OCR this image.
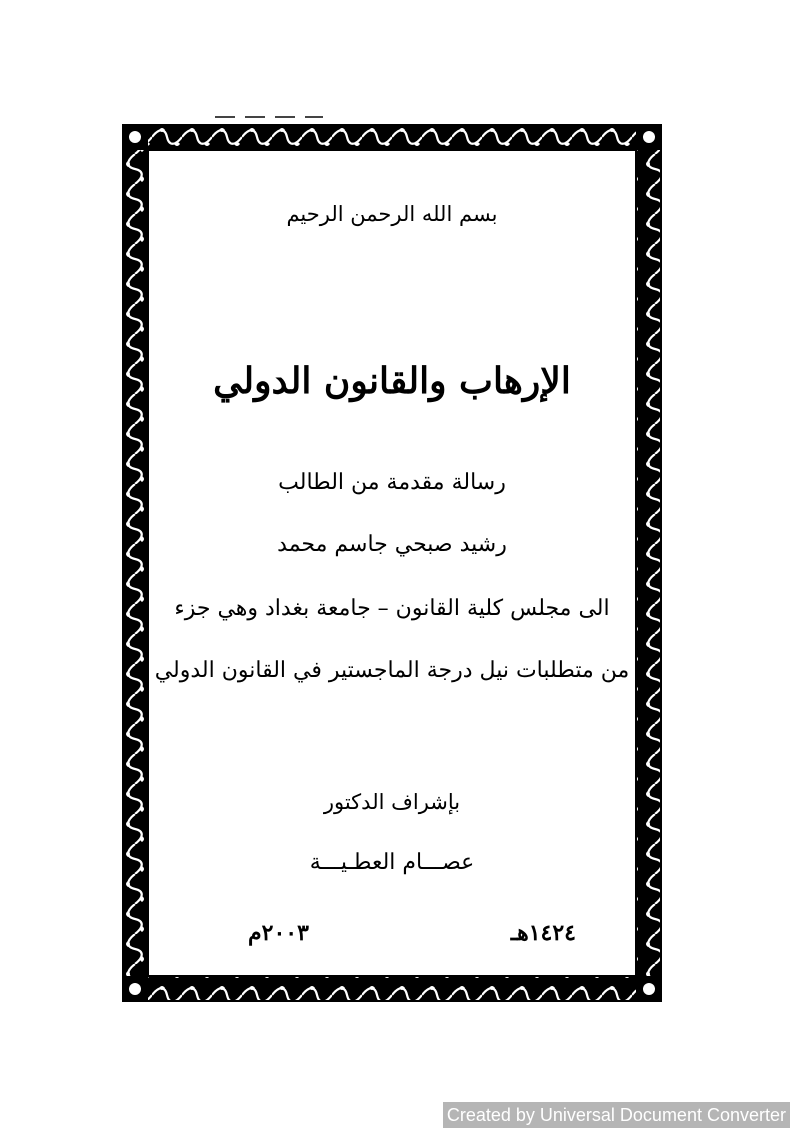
بسم الله الرحمن الرحيم
الإرهاب والقانون الدولي
رسالة مقدمة من الطالب
رشيد صبحي جاسم محمد
الى مجلس كلية القانون – جامعة بغداد وهي جزء
من متطلبات نيل درجة الماجستير في القانون الدولي
بإشراف الدكتور
عصـــام العطـيـــة
١٤٢٤هـ
٢٠٠٣م
Created by Universal Document Converter
